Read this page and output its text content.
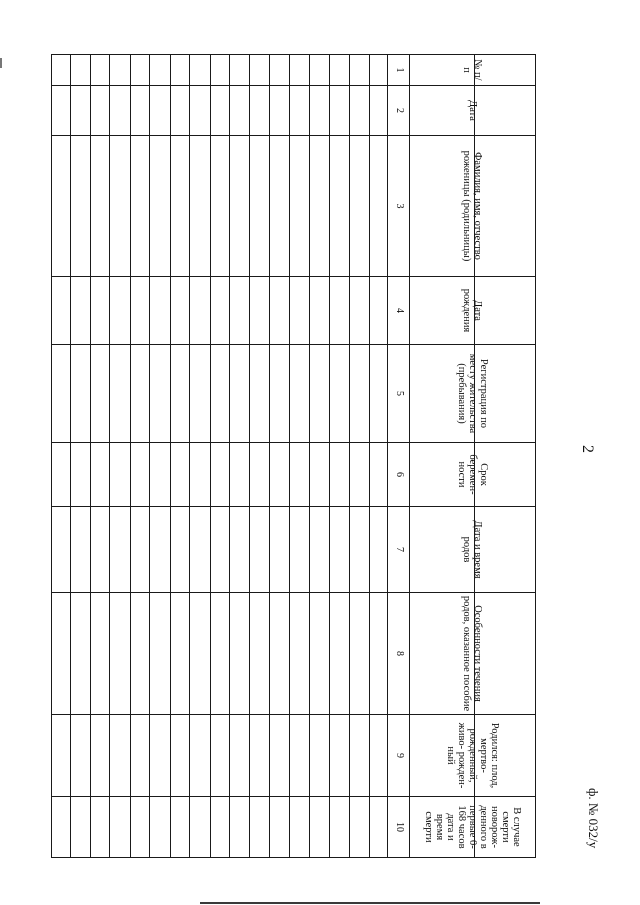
2
ф. № 032/у
№ п/п	Дата	Фамилия, имя, отчество роженицы (родильницы)	Дата рождения	Регистрация по месту жительства (пребывания)	Срок беремен- ности	Дата и время родов	Особенности течения родов, оказанное пособие	Родился: плод, мертво- рожденный, живо- рожден- ный	В случае смерти новорож- денного в первые 0-168 часов дата и время смерти
1	2	3	4	5	6	7	8	9	10
